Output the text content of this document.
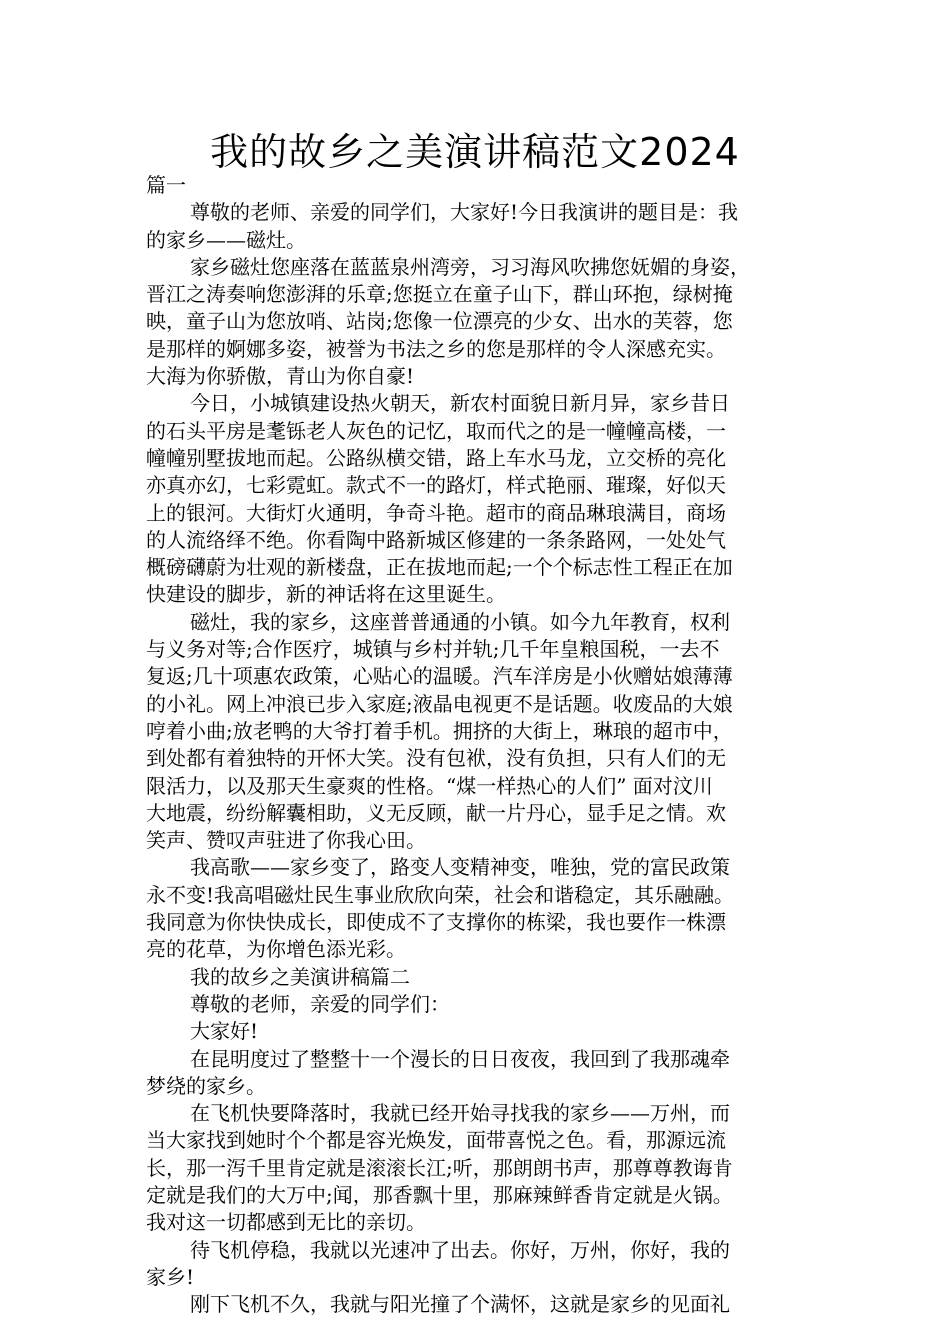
我的故乡之美演讲稿范文2024
篇一
尊敬的老师、亲爱的同学们，大家好!今日我演讲的题目是：我
的家乡——磁灶。
家乡磁灶您座落在蓝蓝泉州湾旁，习习海风吹拂您妩媚的身姿，
晋江之涛奏响您澎湃的乐章;您挺立在童子山下，群山环抱，绿树掩
映，童子山为您放哨、站岗;您像一位漂亮的少女、出水的芙蓉，您
是那样的婀娜多姿，被誉为书法之乡的您是那样的令人深感充实。
大海为你骄傲，青山为你自豪!
今日，小城镇建设热火朝天，新农村面貌日新月异，家乡昔日
的石头平房是耄铄老人灰色的记忆，取而代之的是一幢幢高楼，一
幢幢别墅拔地而起。公路纵横交错，路上车水马龙，立交桥的亮化
亦真亦幻，七彩霓虹。款式不一的路灯，样式艳丽、璀璨，好似天
上的银河。大街灯火通明，争奇斗艳。超市的商品琳琅满目，商场
的人流络绎不绝。你看陶中路新城区修建的一条条路网，一处处气
概磅礴蔚为壮观的新楼盘，正在拔地而起;一个个标志性工程正在加
快建设的脚步，新的神话将在这里诞生。
磁灶，我的家乡，这座普普通通的小镇。如今九年教育，权利
与义务对等;合作医疗，城镇与乡村并轨;几千年皇粮国税，一去不
复返;几十项惠农政策，心贴心的温暖。汽车洋房是小伙赠姑娘薄薄
的小礼。网上冲浪已步入家庭;液晶电视更不是话题。收废品的大娘
哼着小曲;放老鸭的大爷打着手机。拥挤的大街上，琳琅的超市中，
到处都有着独特的开怀大笑。没有包袱，没有负担，只有人们的无
限活力，以及那天生豪爽的性格。“煤一样热心的人们” 面对汶川
大地震，纷纷解囊相助，义无反顾，献一片丹心，显手足之情。欢
笑声、赞叹声驻进了你我心田。
我高歌——家乡变了，路变人变精神变，唯独，党的富民政策
永不变!我高唱磁灶民生事业欣欣向荣，社会和谐稳定，其乐融融。
我同意为你快快成长，即使成不了支撑你的栋梁，我也要作一株漂
亮的花草，为你增色添光彩。
我的故乡之美演讲稿篇二
尊敬的老师，亲爱的同学们：
大家好!
在昆明度过了整整十一个漫长的日日夜夜，我回到了我那魂牵
梦绕的家乡。
在飞机快要降落时，我就已经开始寻找我的家乡——万州，而
当大家找到她时个个都是容光焕发，面带喜悦之色。看，那源远流
长，那一泻千里肯定就是滚滚长江;听，那朗朗书声，那尊尊教诲肯
定就是我们的大万中;闻，那香飘十里，那麻辣鲜香肯定就是火锅。
我对这一切都感到无比的亲切。
待飞机停稳，我就以光速冲了出去。你好，万州，你好，我的
家乡!
刚下飞机不久，我就与阳光撞了个满怀，这就是家乡的见面礼
